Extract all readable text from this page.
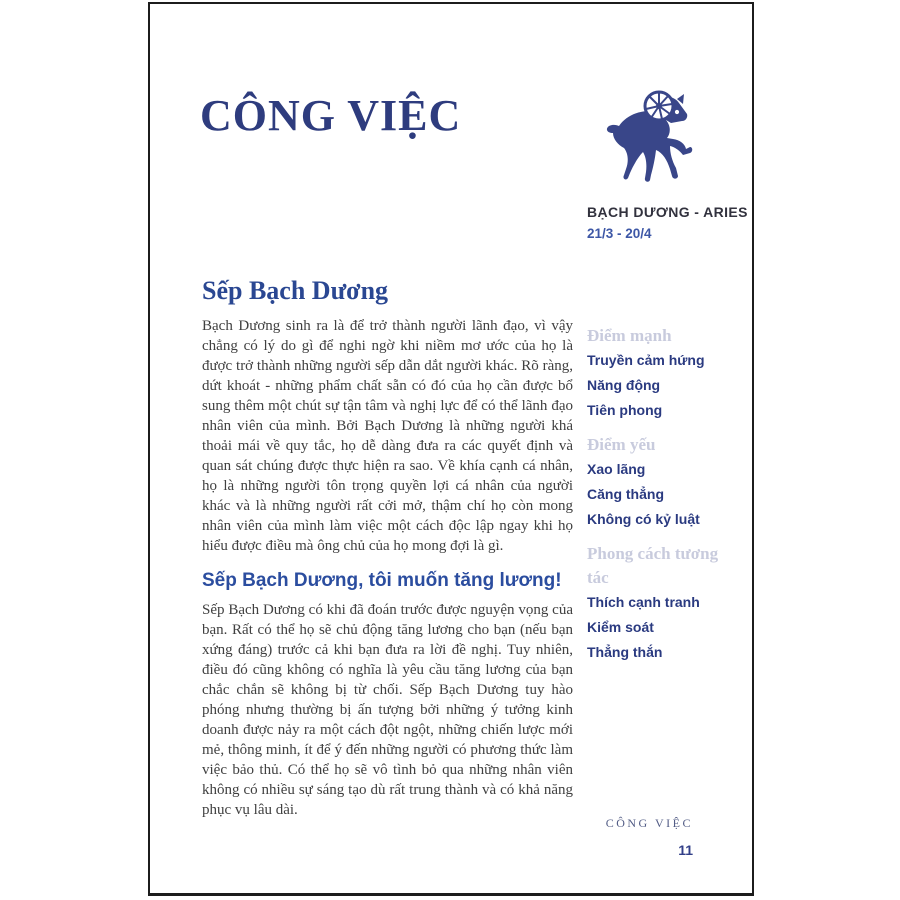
CÔNG VIỆC
BẠCH DƯƠNG - ARIES
21/3 - 20/4
Sếp Bạch Dương

Bạch Dương sinh ra là để trở thành người lãnh đạo, vì vậy chẳng có lý do gì để nghi ngờ khi niềm mơ ước của họ là được trở thành những người sếp dẫn dắt người khác. Rõ ràng, dứt khoát - những phẩm chất sẵn có đó của họ cần được bổ sung thêm một chút sự tận tâm và nghị lực để có thể lãnh đạo nhân viên của mình. Bởi Bạch Dương là những người khá thoải mái về quy tắc, họ dễ dàng đưa ra các quyết định và quan sát chúng được thực hiện ra sao. Về khía cạnh cá nhân, họ là những người tôn trọng quyền lợi cá nhân của người khác và là những người rất cởi mở, thậm chí họ còn mong nhân viên của mình làm việc một cách độc lập ngay khi họ hiểu được điều mà ông chủ của họ mong đợi là gì.

Sếp Bạch Dương, tôi muốn tăng lương!

Sếp Bạch Dương có khi đã đoán trước được nguyện vọng của bạn. Rất có thể họ sẽ chủ động tăng lương cho bạn (nếu bạn xứng đáng) trước cả khi bạn đưa ra lời đề nghị. Tuy nhiên, điều đó cũng không có nghĩa là yêu cầu tăng lương của bạn chắc chắn sẽ không bị từ chối. Sếp Bạch Dương tuy hào phóng nhưng thường bị ấn tượng bởi những ý tưởng kinh doanh được nảy ra một cách đột ngột, những chiến lược mới mẻ, thông minh, ít để ý đến những người có phương thức làm việc bảo thủ. Có thể họ sẽ vô tình bỏ qua những nhân viên không có nhiều sự sáng tạo dù rất trung thành và có khả năng phục vụ lâu dài.

Điểm mạnh
Truyền cảm hứng
Năng động
Tiên phong
Điểm yếu
Xao lãng
Căng thẳng
Không có kỷ luật
Phong cách tương tác
Thích cạnh tranh
Kiểm soát
Thẳng thắn
CÔNG VIỆC
11
